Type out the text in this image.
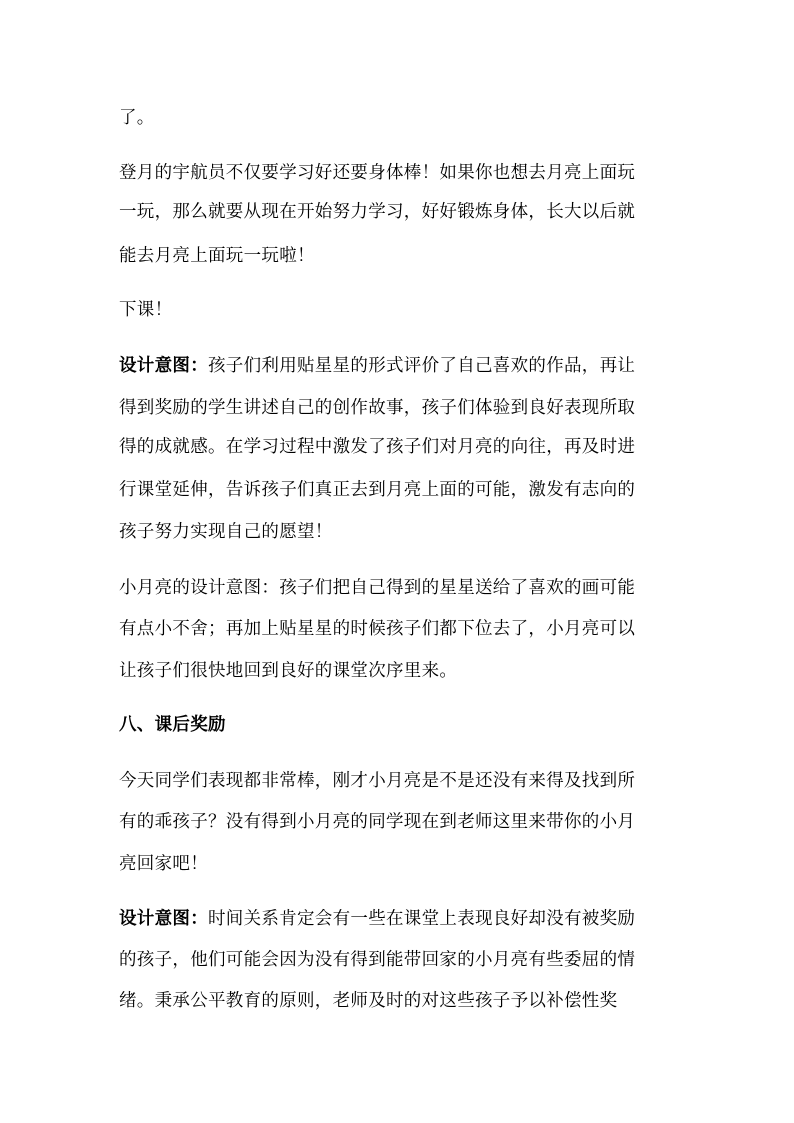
了。
登月的宇航员不仅要学习好还要身体棒！如果你也想去月亮上面玩
一玩，那么就要从现在开始努力学习，好好锻炼身体，长大以后就
能去月亮上面玩一玩啦！
下课！
设计意图：孩子们利用贴星星的形式评价了自己喜欢的作品，再让
得到奖励的学生讲述自己的创作故事，孩子们体验到良好表现所取
得的成就感。在学习过程中激发了孩子们对月亮的向往，再及时进
行课堂延伸，告诉孩子们真正去到月亮上面的可能，激发有志向的
孩子努力实现自己的愿望！
小月亮的设计意图：孩子们把自己得到的星星送给了喜欢的画可能
有点小不舍；再加上贴星星的时候孩子们都下位去了，小月亮可以
让孩子们很快地回到良好的课堂次序里来。
八、课后奖励
今天同学们表现都非常棒，刚才小月亮是不是还没有来得及找到所
有的乖孩子？没有得到小月亮的同学现在到老师这里来带你的小月
亮回家吧！
设计意图：时间关系肯定会有一些在课堂上表现良好却没有被奖励
的孩子，他们可能会因为没有得到能带回家的小月亮有些委屈的情
绪。秉承公平教育的原则，老师及时的对这些孩子予以补偿性奖
